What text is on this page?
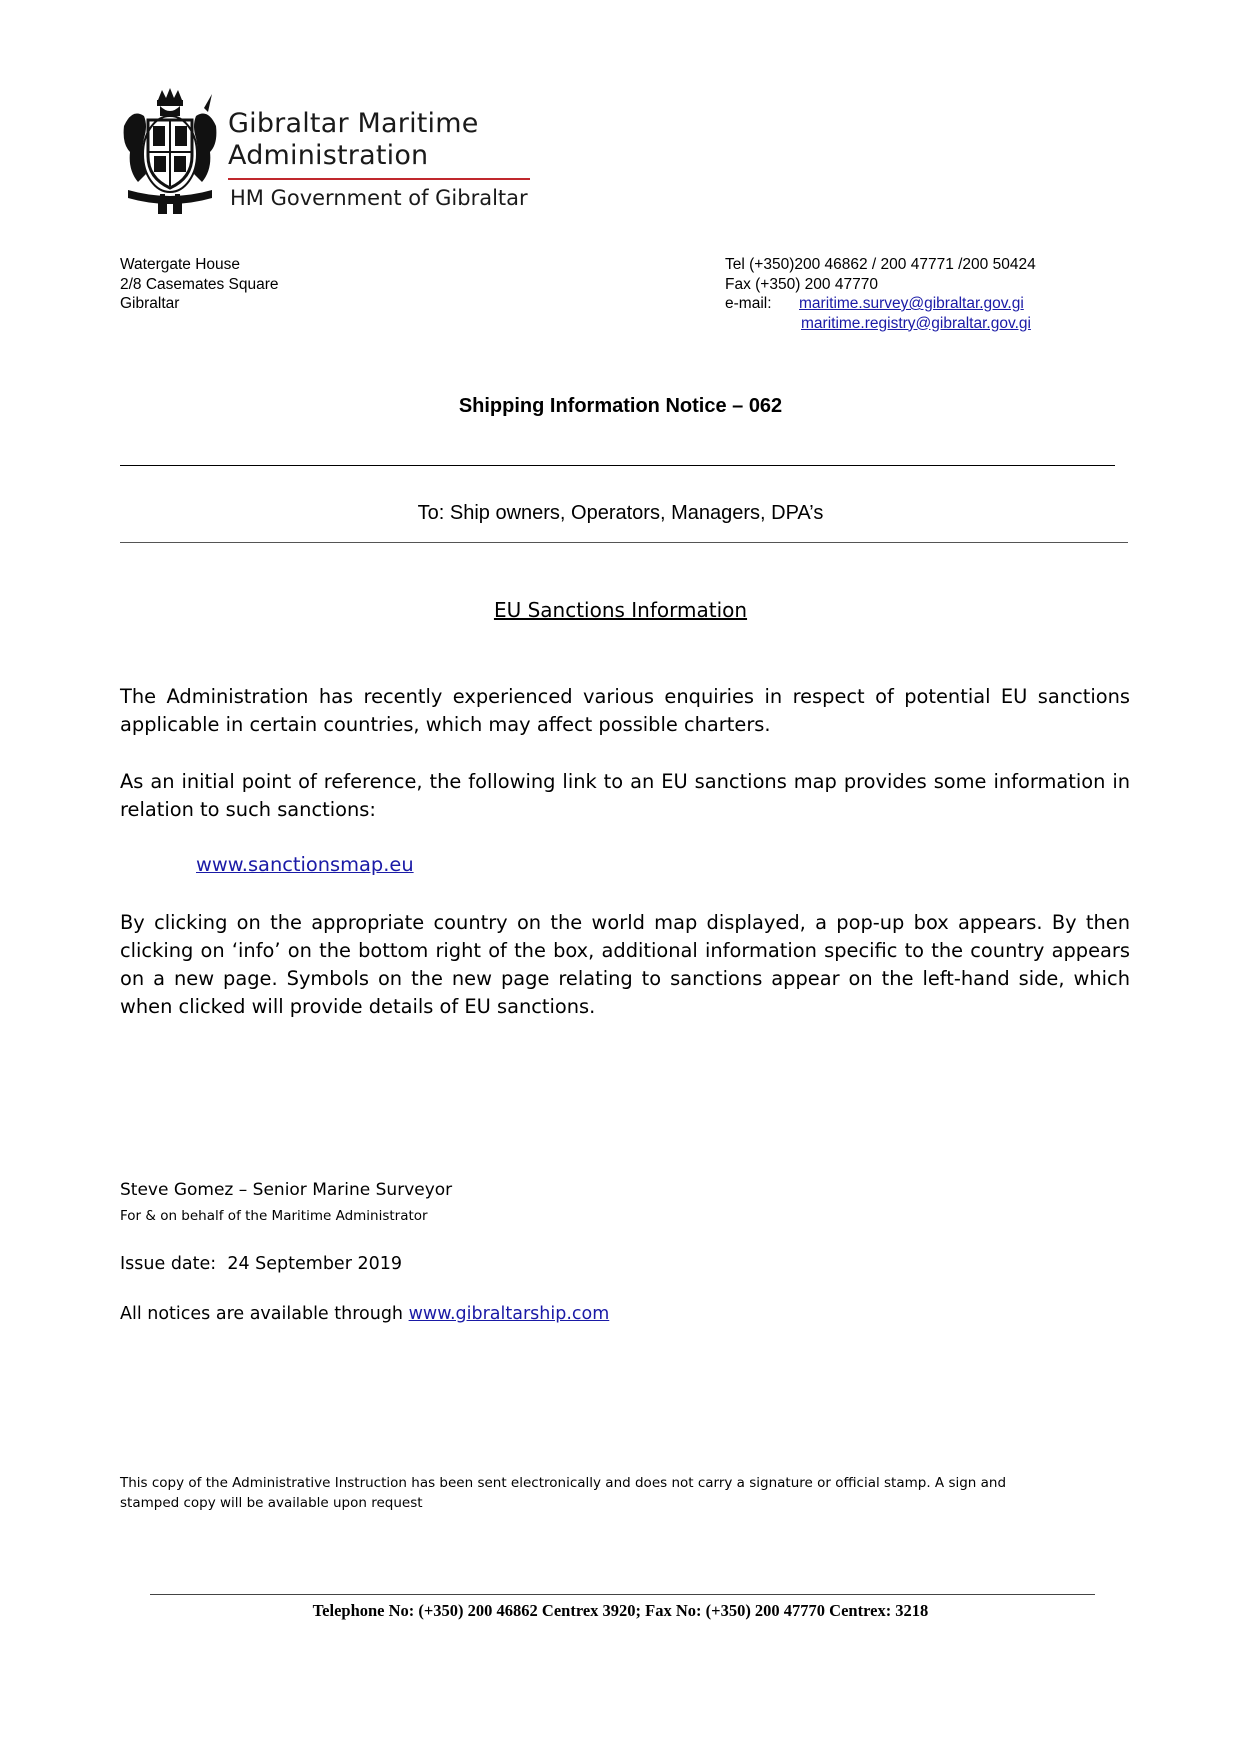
Gibraltar Maritime
Administration
HM Government of Gibraltar
Watergate House
2/8 Casemates Square
Gibraltar
Tel (+350)200 46862 / 200 47771 /200 50424
Fax (+350) 200 47770
e-mail: maritime.survey@gibraltar.gov.gi
maritime.registry@gibraltar.gov.gi
Shipping Information Notice – 062
To: Ship owners, Operators, Managers, DPA’s
EU Sanctions Information
The Administration has recently experienced various enquiries in respect of potential EU sanctions applicable in certain countries, which may affect possible charters.
As an initial point of reference, the following link to an EU sanctions map provides some information in relation to such sanctions:
www.sanctionsmap.eu
By clicking on the appropriate country on the world map displayed, a pop-up box appears. By then clicking on ‘info’ on the bottom right of the box, additional information specific to the country appears on a new page. Symbols on the new page relating to sanctions appear on the left-hand side, which when clicked will provide details of EU sanctions.
Steve Gomez – Senior Marine Surveyor
For & on behalf of the Maritime Administrator
Issue date: 24 September 2019
All notices are available through www.gibraltarship.com
This copy of the Administrative Instruction has been sent electronically and does not carry a signature or official stamp. A sign and stamped copy will be available upon request
Telephone No: (+350) 200 46862 Centrex 3920; Fax No: (+350) 200 47770 Centrex: 3218
